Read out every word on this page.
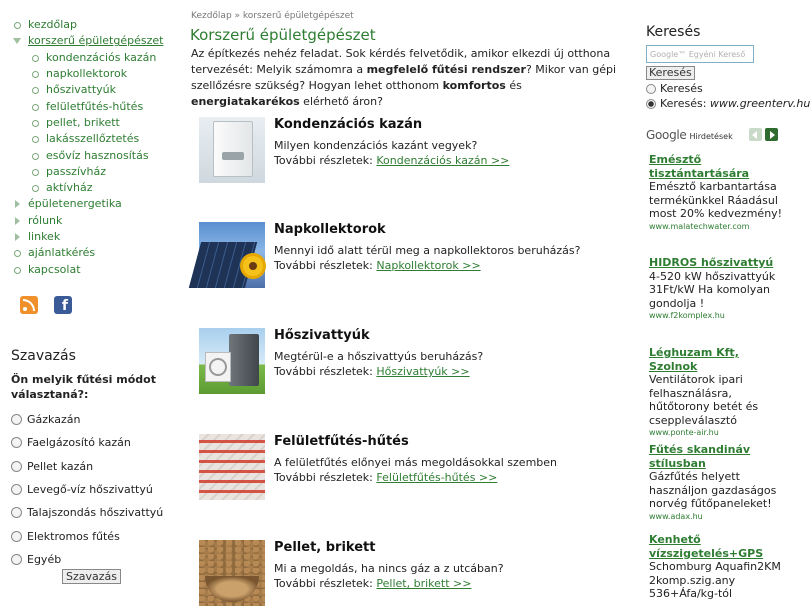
kezdőlap
korszerű épületgépészet
kondenzációs kazán
napkollektorok
hőszivattyúk
felületfűtés-hűtés
pellet, brikett
lakásszellőztetés
esővíz hasznosítás
passzívház
aktívház
épületenergetika
rólunk
linkek
ajánlatkérés
kapcsolat
f
Szavazás
Ön melyik fűtési módot választaná?:
Gázkazán
Faelgázosító kazán
Pellet kazán
Levegő-víz hőszivattyú
Talajszondás hőszivattyú
Elektromos fűtés
Egyéb
Szavazás
Kezdőlap » korszerű épületgépészet
Korszerű épületgépészet

Az építkezés nehéz feladat. Sok kérdés felvetődik, amikor elkezdi új otthona tervezését: Melyik számomra a megfelelő fűtési rendszer? Mikor van gépi szellőzésre szükség? Hogyan lehet otthonom komfortos és energiatakarékos elérhető áron?

Kondenzációs kazán
Milyen kondenzációs kazánt vegyek?
További részletek: Kondenzációs kazán >>
Napkollektorok
Mennyi idő alatt térül meg a napkollektoros beruházás?
További részletek: Napkollektorok >>
Hőszivattyúk
Megtérül-e a hőszivattyús beruházás?
További részletek: Hőszivattyúk >>
Felületfűtés-hűtés
A felületfűtés előnyei más megoldásokkal szemben
További részletek: Felületfűtés-hűtés >>
Pellet, brikett
Mi a megoldás, ha nincs gáz a z utcában?
További részletek: Pellet, brikett >>
Keresés
Google™ Egyéni Kereső
Keresés
Keresés
Keresés:
www.greenterv.hu
Google Hirdetések
Emésztő tisztántartására
Emésztő karbantartása termékünkkel Ráadásul most 20% kedvezmény!
www.malatechwater.com
HIDROS hőszivattyú
4-520 kW hőszivattyúk 31Ft/kW Ha komolyan gondolja !
www.f2komplex.hu
Léghuzam Kft, Szolnok
Ventilátorok ipari felhasználásra, hűtőtorony betét és cseppleválasztó
www.ponte-air.hu
Fűtés skandináv stílusban
Gázfűtés helyett használjon gazdaságos norvég fűtőpaneleket!
www.adax.hu
Kenhető vízszigetelés+GPS
Schomburg Aquafin2KM 2komp.szig.any 536+Áfa/kg-tól
